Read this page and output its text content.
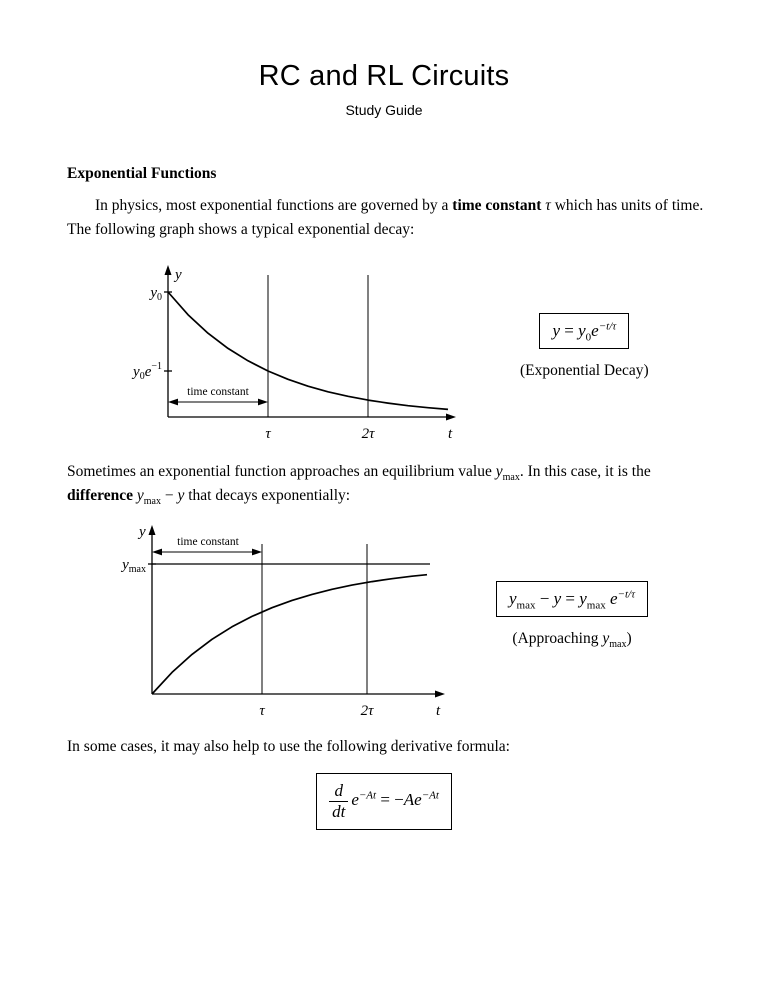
RC and RL Circuits
Study Guide
Exponential Functions

In physics, most exponential functions are governed by a time constant τ which has units of time.
The following graph shows a typical exponential decay:

time constant
y
$y_0$
$y_0e^{-1}$
τ	2τ	t
$y = y_0e^{-t/\tau}$
(Exponential Decay)

Sometimes an exponential function approaches an equilibrium value $y_{max}$. In this case, it is the
difference $y_{max} - y$ that decays exponentially:

time constant
y
$y_{max}$
τ	2τ	t
$y_{max} - y = y_{max}$ $e^{-t/\tau}$
(Approaching $y_{max}$)

In some cases, it may also help to use the following derivative formula:

$\frac{d}{dt} e^{-At} = -Ae^{-At}$
